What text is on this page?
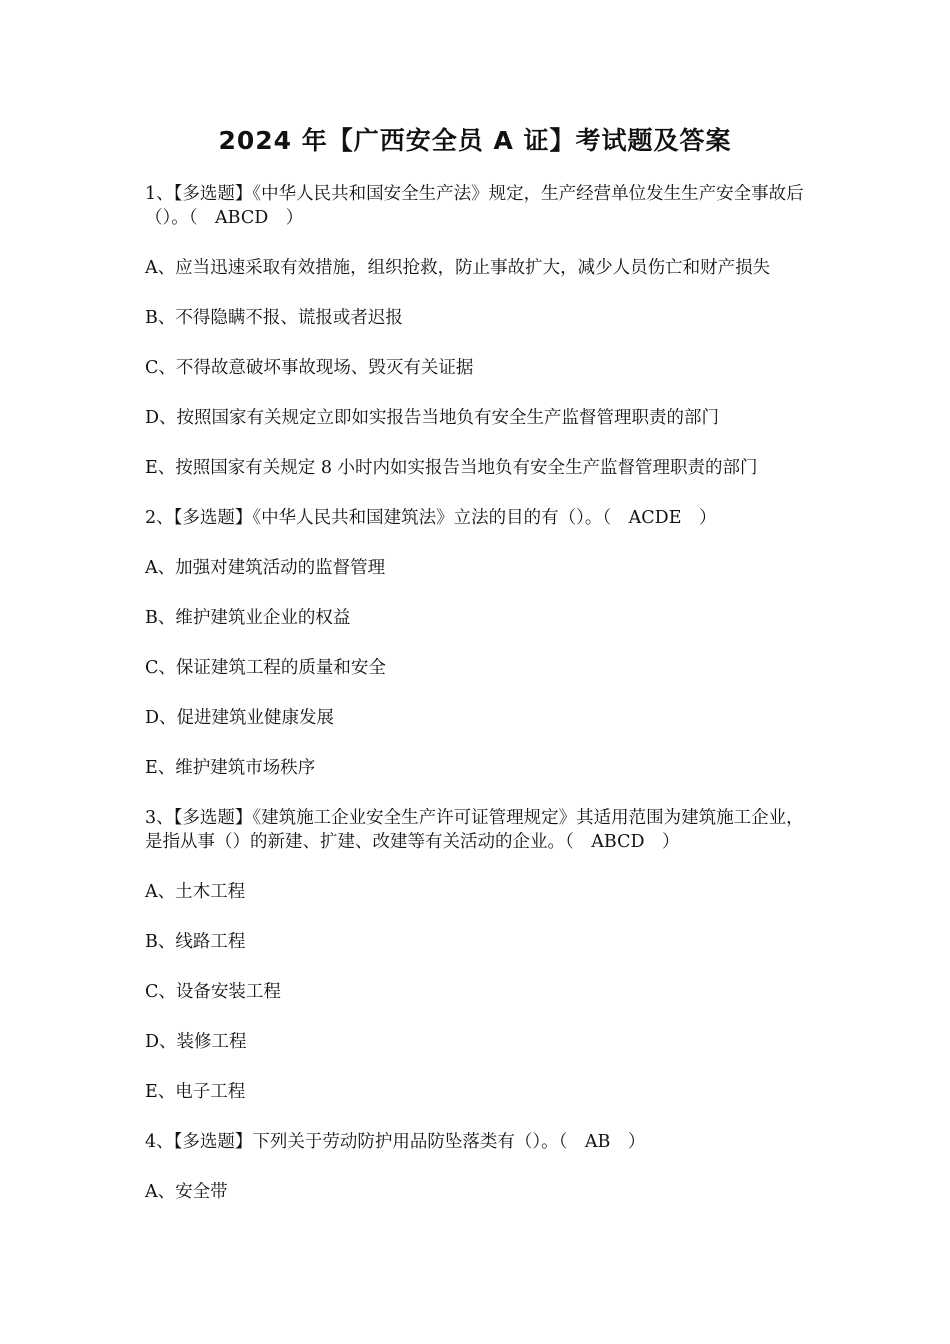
2024 年【广西安全员 A 证】考试题及答案
1、【多选题】《中华人民共和国安全生产法》规定，生产经营单位发生生产安全事故后（）。（　ABCD　）
A、应当迅速采取有效措施，组织抢救，防止事故扩大，减少人员伤亡和财产损失
B、不得隐瞒不报、谎报或者迟报
C、不得故意破坏事故现场、毁灭有关证据
D、按照国家有关规定立即如实报告当地负有安全生产监督管理职责的部门
E、按照国家有关规定 8 小时内如实报告当地负有安全生产监督管理职责的部门
2、【多选题】《中华人民共和国建筑法》立法的目的有（）。（　ACDE　）
A、加强对建筑活动的监督管理
B、维护建筑业企业的权益
C、保证建筑工程的质量和安全
D、促进建筑业健康发展
E、维护建筑市场秩序
3、【多选题】《建筑施工企业安全生产许可证管理规定》其适用范围为建筑施工企业，是指从事（）的新建、扩建、改建等有关活动的企业。（　ABCD　）
A、土木工程
B、线路工程
C、设备安装工程
D、装修工程
E、电子工程
4、【多选题】下列关于劳动防护用品防坠落类有（）。（　AB　）
A、安全带
